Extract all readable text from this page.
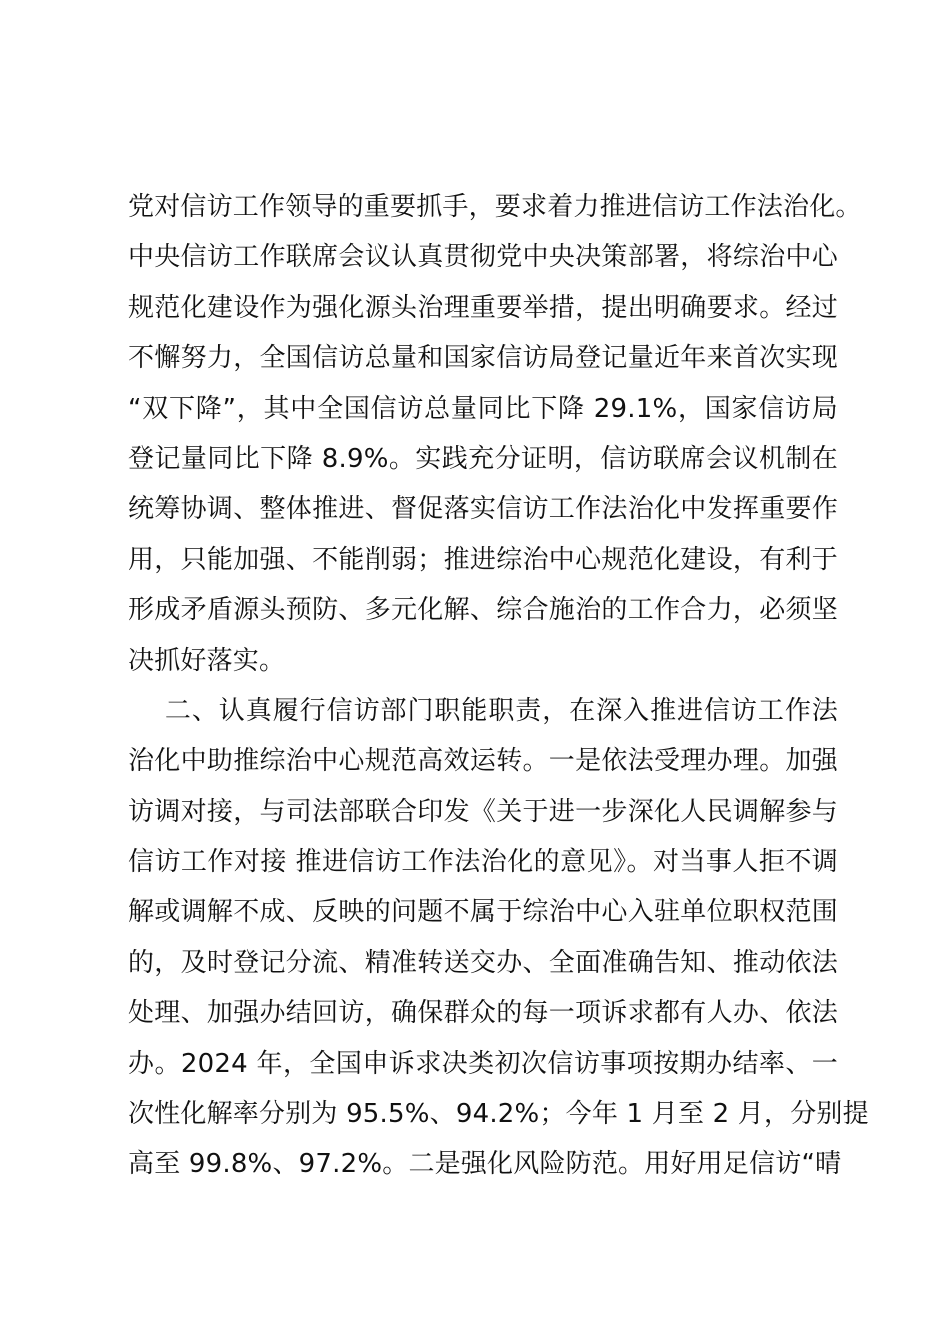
党对信访工作领导的重要抓手，要求着力推进信访工作法治化。
中央信访工作联席会议认真贯彻党中央决策部署，将综治中心
规范化建设作为强化源头治理重要举措，提出明确要求。经过
不懈努力，全国信访总量和国家信访局登记量近年来首次实现
“双下降”，其中全国信访总量同比下降 29.1%，国家信访局
登记量同比下降 8.9%。实践充分证明，信访联席会议机制在
统筹协调、整体推进、督促落实信访工作法治化中发挥重要作
用，只能加强、不能削弱；推进综治中心规范化建设，有利于
形成矛盾源头预防、多元化解、综合施治的工作合力，必须坚
决抓好落实。
二、认真履行信访部门职能职责，在深入推进信访工作法
治化中助推综治中心规范高效运转。一是依法受理办理。加强
访调对接，与司法部联合印发《关于进一步深化人民调解参与
信访工作对接 推进信访工作法治化的意见》。对当事人拒不调
解或调解不成、反映的问题不属于综治中心入驻单位职权范围
的，及时登记分流、精准转送交办、全面准确告知、推动依法
处理、加强办结回访，确保群众的每一项诉求都有人办、依法
办。2024 年，全国申诉求决类初次信访事项按期办结率、一
次性化解率分别为 95.5%、94.2%；今年 1 月至 2 月，分别提
高至 99.8%、97.2%。二是强化风险防范。用好用足信访“晴
